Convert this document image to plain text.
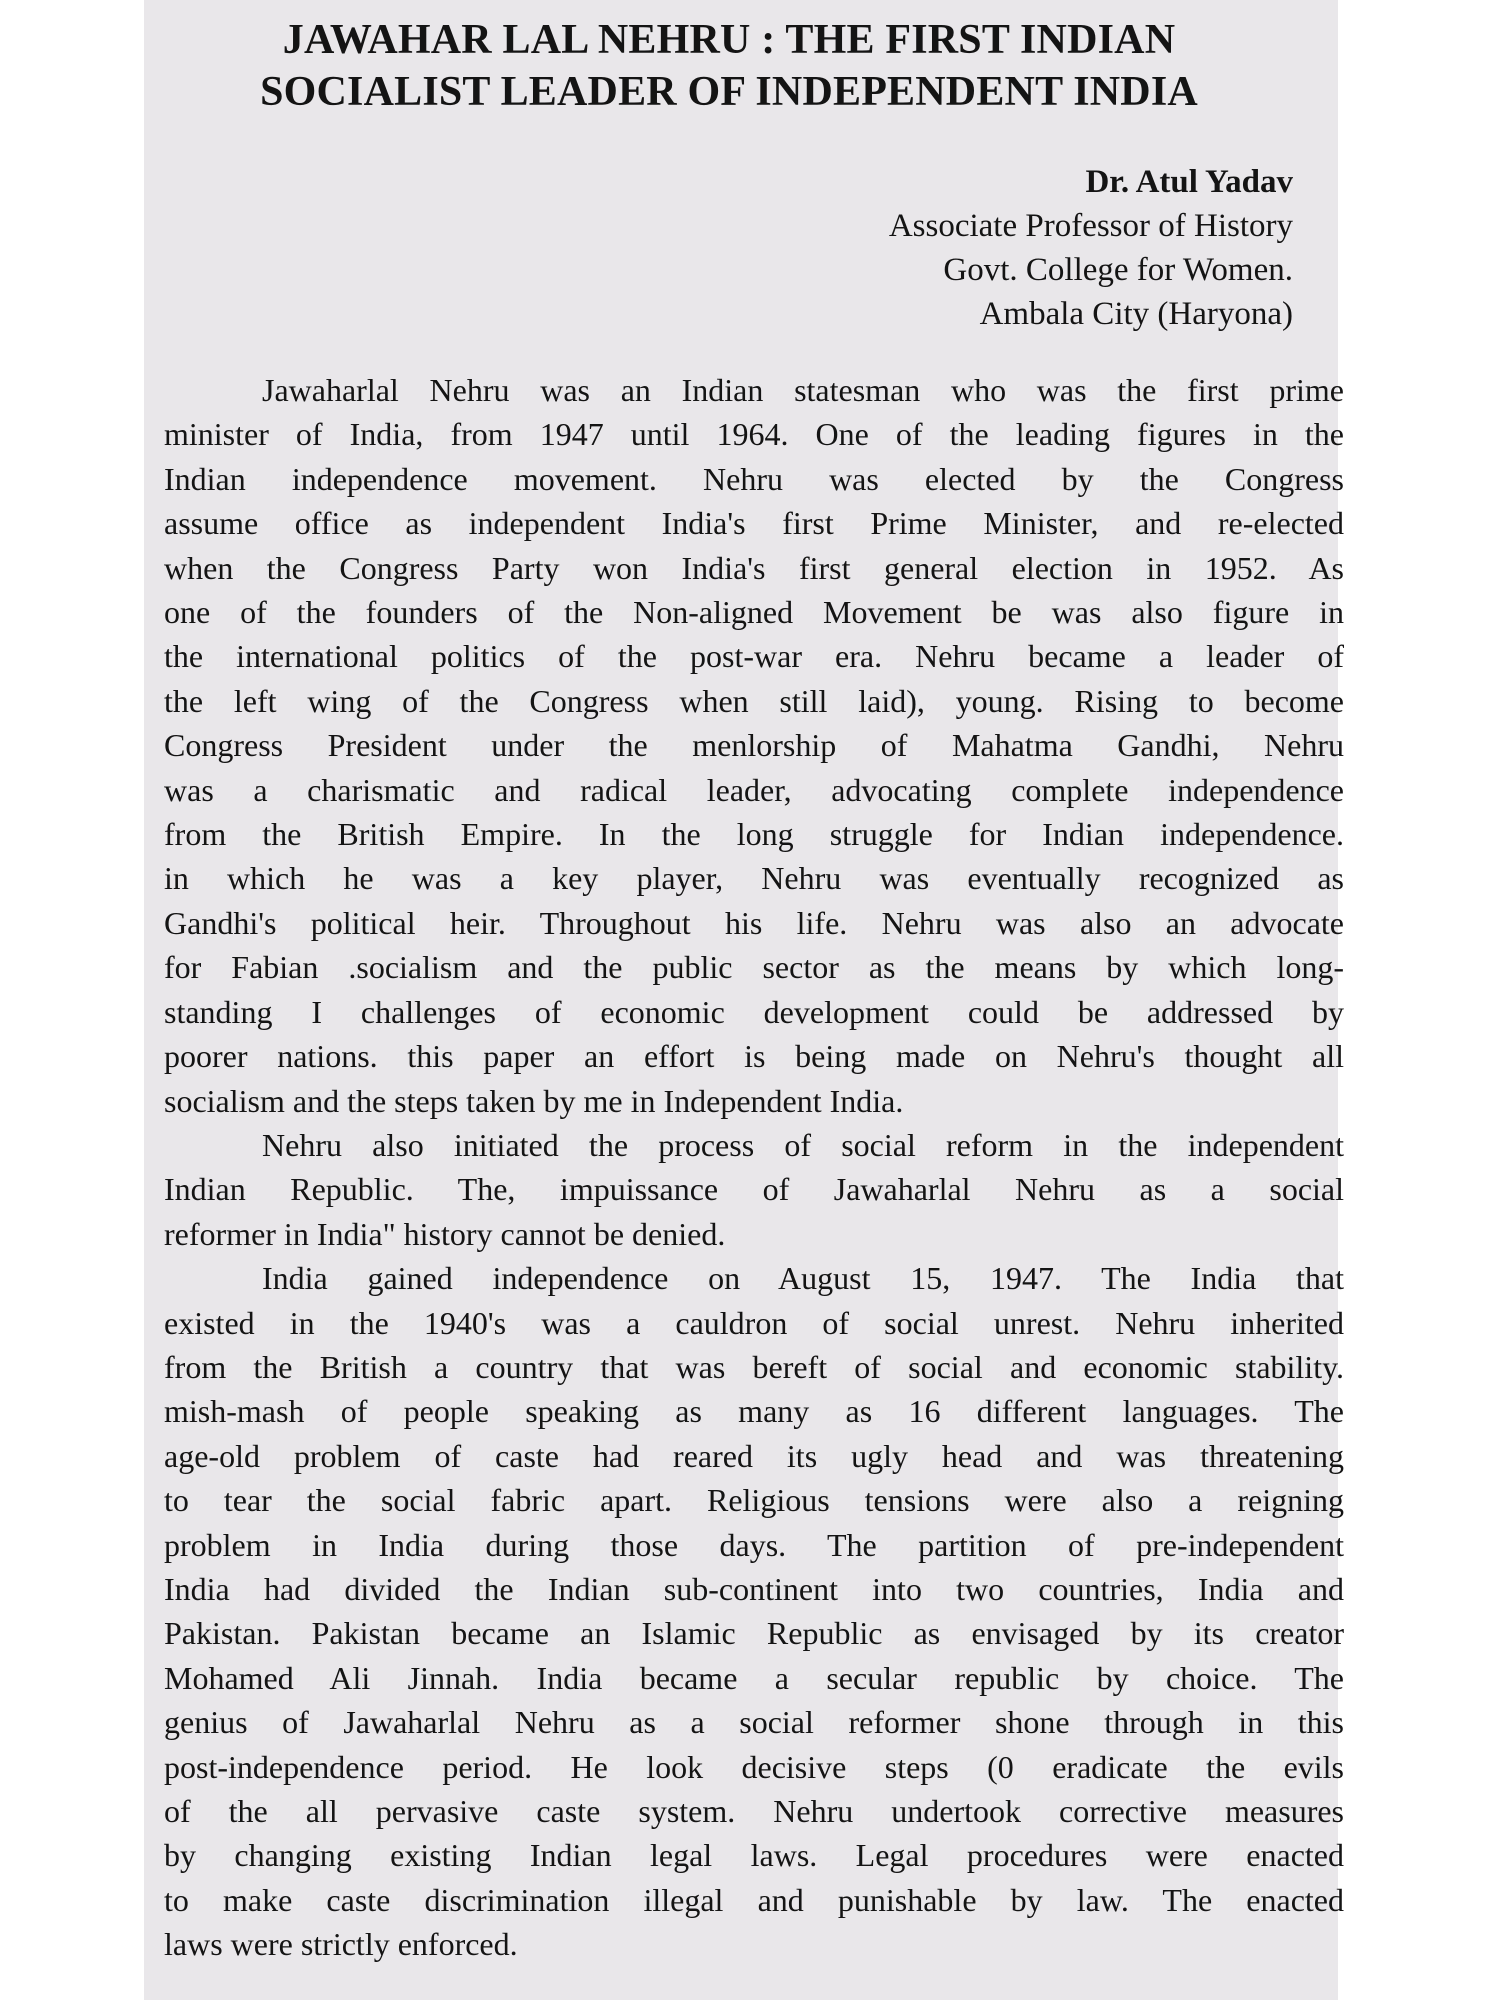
JAWAHAR LAL NEHRU : THE FIRST INDIAN
SOCIALIST LEADER OF INDEPENDENT INDIA
Dr. Atul Yadav
Associate Professor of History
Govt. College for Women.
Ambala City (Haryona)
Jawaharlal Nehru was an Indian statesman who was the first prime
minister of India, from 1947 until 1964. One of the leading figures in the
Indian independence movement. Nehru was elected by the Congress
assume office as independent India's first Prime Minister, and re-elected
when the Congress Party won India's first general election in 1952. As
one of the founders of the Non-aligned Movement be was also figure in
the international politics of the post-war era. Nehru became a leader of
the left wing of the Congress when still laid), young. Rising to become
Congress President under the menlorship of Mahatma Gandhi, Nehru
was a charismatic and radical leader, advocating complete independence
from the British Empire. In the long struggle for Indian independence.
in which he was a key player, Nehru was eventually recognized as
Gandhi's political heir. Throughout his life. Nehru was also an advocate
for Fabian .socialism and the public sector as the means by which long-
standing I challenges of economic development could be addressed by
poorer nations. this paper an effort is being made on Nehru's thought all
socialism and the steps taken by me in Independent India.
Nehru also initiated the process of social reform in the independent
Indian Republic. The, impuissance of Jawaharlal Nehru as a social
reformer in India" history cannot be denied.
India gained independence on August 15, 1947. The India that
existed in the 1940's was a cauldron of social unrest. Nehru inherited
from the British a country that was bereft of social and economic stability.
mish-mash of people speaking as many as 16 different languages. The
age-old problem of caste had reared its ugly head and was threatening
to tear the social fabric apart. Religious tensions were also a reigning
problem in India during those days. The partition of pre-independent
India had divided the Indian sub-continent into two countries, India and
Pakistan. Pakistan became an Islamic Republic as envisaged by its creator
Mohamed Ali Jinnah. India became a secular republic by choice. The
genius of Jawaharlal Nehru as a social reformer shone through in this
post-independence period. He look decisive steps (0 eradicate the evils
of the all pervasive caste system. Nehru undertook corrective measures
by changing existing Indian legal laws. Legal procedures were enacted
to make caste discrimination illegal and punishable by law. The enacted
laws were strictly enforced.
